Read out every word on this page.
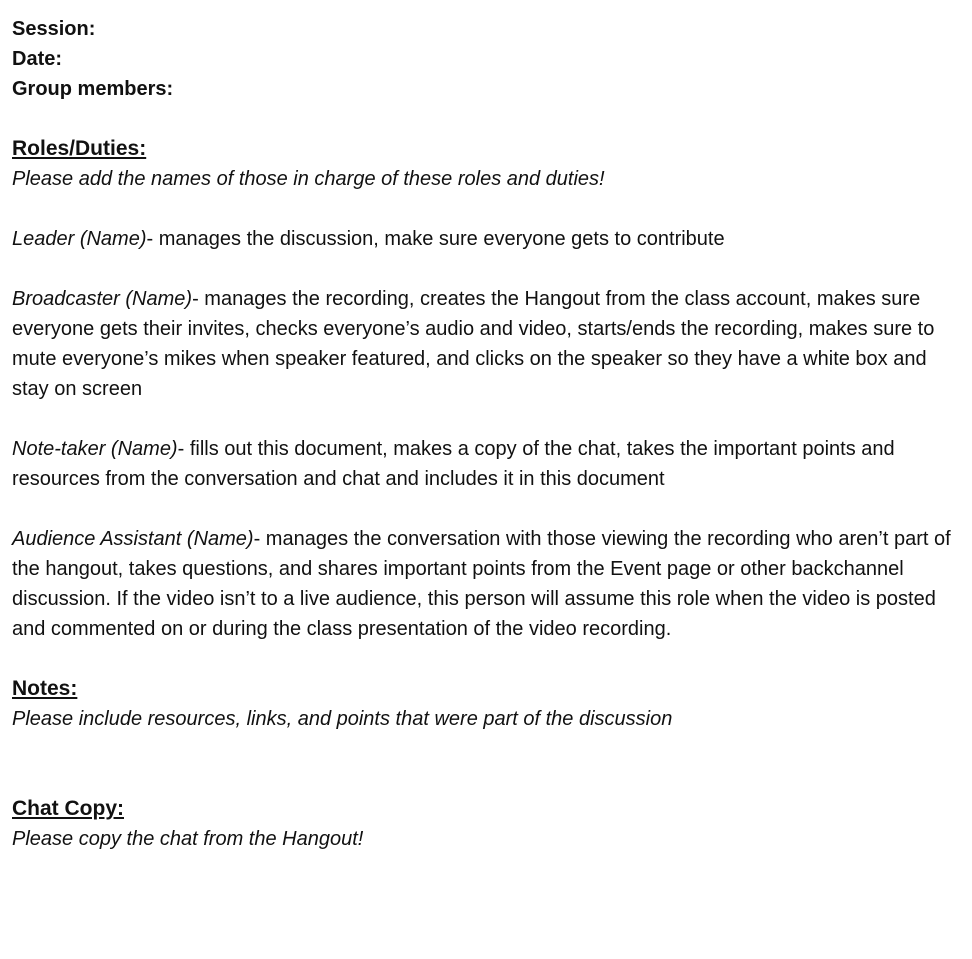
Session:

Date:

Group members:

Roles/Duties:

Please add the names of those in charge of these roles and duties!

Leader (Name)- manages the discussion, make sure everyone gets to contribute

Broadcaster (Name)- manages the recording, creates the Hangout from the class account, makes sure everyone gets their invites, checks everyone’s audio and video, starts/ends the recording, makes sure to mute everyone’s mikes when speaker featured, and clicks on the speaker so they have a white box and stay on screen

Note-taker (Name)- fills out this document, makes a copy of the chat, takes the important points and resources from the conversation and chat and includes it in this document

Audience Assistant (Name)- manages the conversation with those viewing the recording who aren’t part of the hangout, takes questions, and shares important points from the Event page or other backchannel discussion. If the video isn’t to a live audience, this person will assume this role when the video is posted and commented on or during the class presentation of the video recording.

Notes:

Please include resources, links, and points that were part of the discussion

Chat Copy:

Please copy the chat from the Hangout!
